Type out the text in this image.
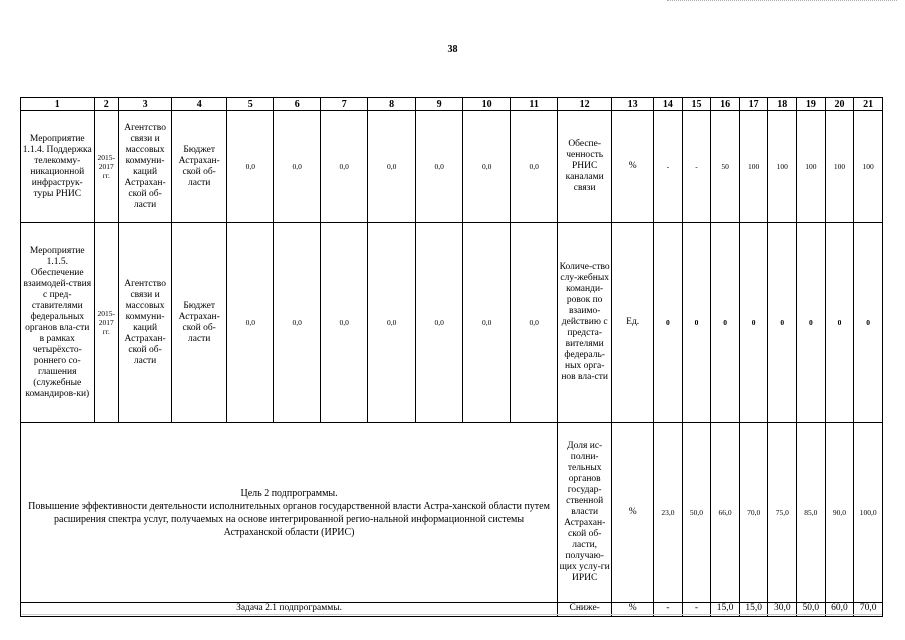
38
1	2	3	4	5	6	7	8	9	10	11	12	13	14	15	16	17	18	19	20	21
Мероприятие 1.1.4. Поддержка телекомму-никационной инфраструк-туры РНИС	2015-2017 гг.	Агентство связи и массовых коммуни-каций Астрахан-ской об-ласти	Бюджет Астрахан-ской об-ласти	0,0	0,0	0,0	0,0	0,0	0,0	0,0	Обеспе-ченность РНИС каналами связи	%	-	-	50	100	100	100	100	100
Мероприятие 1.1.5. Обеспечение взаимодей-ствия с пред-ставителями федеральных органов вла-сти в рамках четырёхсто-роннего со-глашения (служебные командиров-ки)	2015-2017 гг.	Агентство связи и массовых коммуни-каций Астрахан-ской об-ласти	Бюджет Астрахан-ской об-ласти	0,0	0,0	0,0	0,0	0,0	0,0	0,0	Количе-ство слу-жебных команди-ровок по взаимо-действию с предста-вителями федераль-ных орга-нов вла-сти	Ед.	0	0	0	0	0	0	0	0

Цель 2 подпрограммы.
Повышение эффективности деятельности исполнительных органов государственной власти Астра-ханской области путем расширения спектра услуг, получаемых на основе интегрированной регио-нальной информационной системы Астраханской области (ИРИС)											Доля ис-полни-тельных органов государ-ственной власти Астрахан-ской об-ласти, получаю-щих услу-ги ИРИС	%	23,0	50,0	66,0	70,0	75,0	85,0	90,0	100,0
Задача 2.1 подпрограммы.											Сниже-	%	-	-	15,0	15,0	30,0	50,0	60,0	70,0
